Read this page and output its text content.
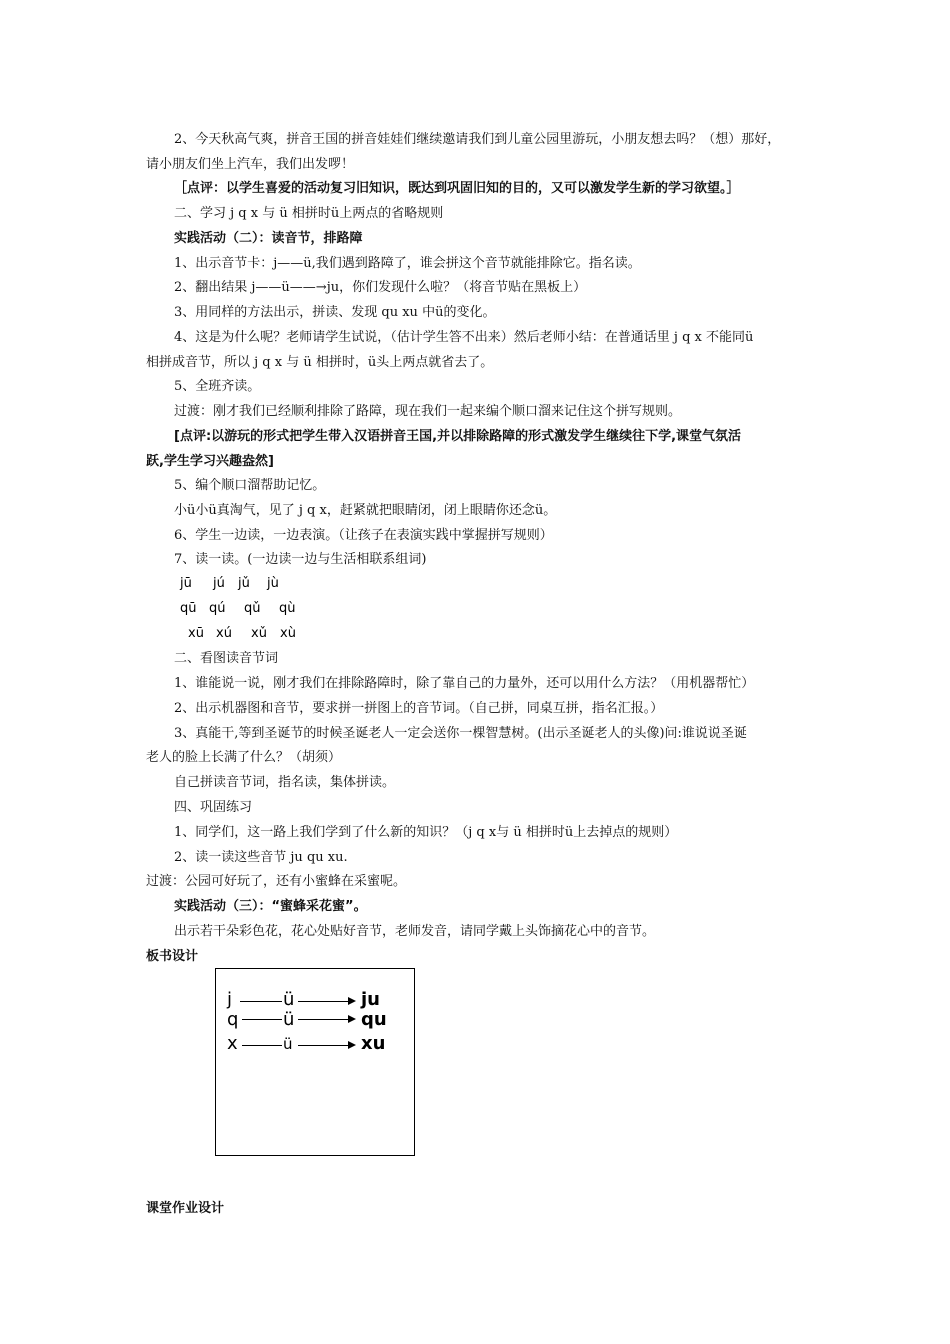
2、今天秋高气爽，拼音王国的拼音娃娃们继续邀请我们到儿童公园里游玩，小朋友想去吗？（想）那好，
请小朋友们坐上汽车，我们出发啰！
［点评：以学生喜爱的活动复习旧知识，既达到巩固旧知的目的，又可以激发学生新的学习欲望。］
二、学习 j q x 与 ü 相拼时ü上两点的省略规则
实践活动（二）：读音节，排路障
1、出示音节卡：j——ü,我们遇到路障了，谁会拼这个音节就能排除它。指名读。
2、翻出结果 j——ü——→ju，你们发现什么啦？（将音节贴在黑板上）
3、用同样的方法出示，拼读、发现 qu xu 中ü的变化。
4、这是为什么呢？老师请学生试说，（估计学生答不出来）然后老师小结：在普通话里 j q x 不能同ü
相拼成音节，所以 j q x 与 ü 相拼时，ü头上两点就省去了。
5、全班齐读。
过渡：刚才我们已经顺利排除了路障，现在我们一起来编个顺口溜来记住这个拼写规则。
[点评:以游玩的形式把学生带入汉语拼音王国,并以排除路障的形式激发学生继续往下学,课堂气氛活
跃,学生学习兴趣盎然]
5、编个顺口溜帮助记忆。
小ü小ü真淘气，见了 j q x，赶紧就把眼睛闭，闭上眼睛你还念ü。
6、学生一边读，一边表演。（让孩子在表演实践中掌握拼写规则）
7、读一读。(一边读一边与生活相联系组词)
jū jú jǔ jù
qū qú qǔ qù
xū xú xǔ xù
二、看图读音节词
1、谁能说一说，刚才我们在排除路障时，除了靠自己的力量外，还可以用什么方法？（用机器帮忙）
2、出示机器图和音节，要求拼一拼图上的音节词。（自己拼，同桌互拼，指名汇报。）
3、真能干,等到圣诞节的时候圣诞老人一定会送你一棵智慧树。(出示圣诞老人的头像)问:谁说说圣诞
老人的脸上长满了什么？（胡须）
自己拼读音节词，指名读，集体拼读。
四、巩固练习
1、同学们，这一路上我们学到了什么新的知识？（j q x与 ü 相拼时ü上去掉点的规则）
2、读一读这些音节 ju qu xu.
过渡：公园可好玩了，还有小蜜蜂在采蜜呢。
实践活动（三）：“蜜蜂采花蜜”。
出示若干朵彩色花，花心处贴好音节，老师发音，请同学戴上头饰摘花心中的音节。
板书设计
j	ü	ju
q ü	qu
x	ü	xu
课堂作业设计
